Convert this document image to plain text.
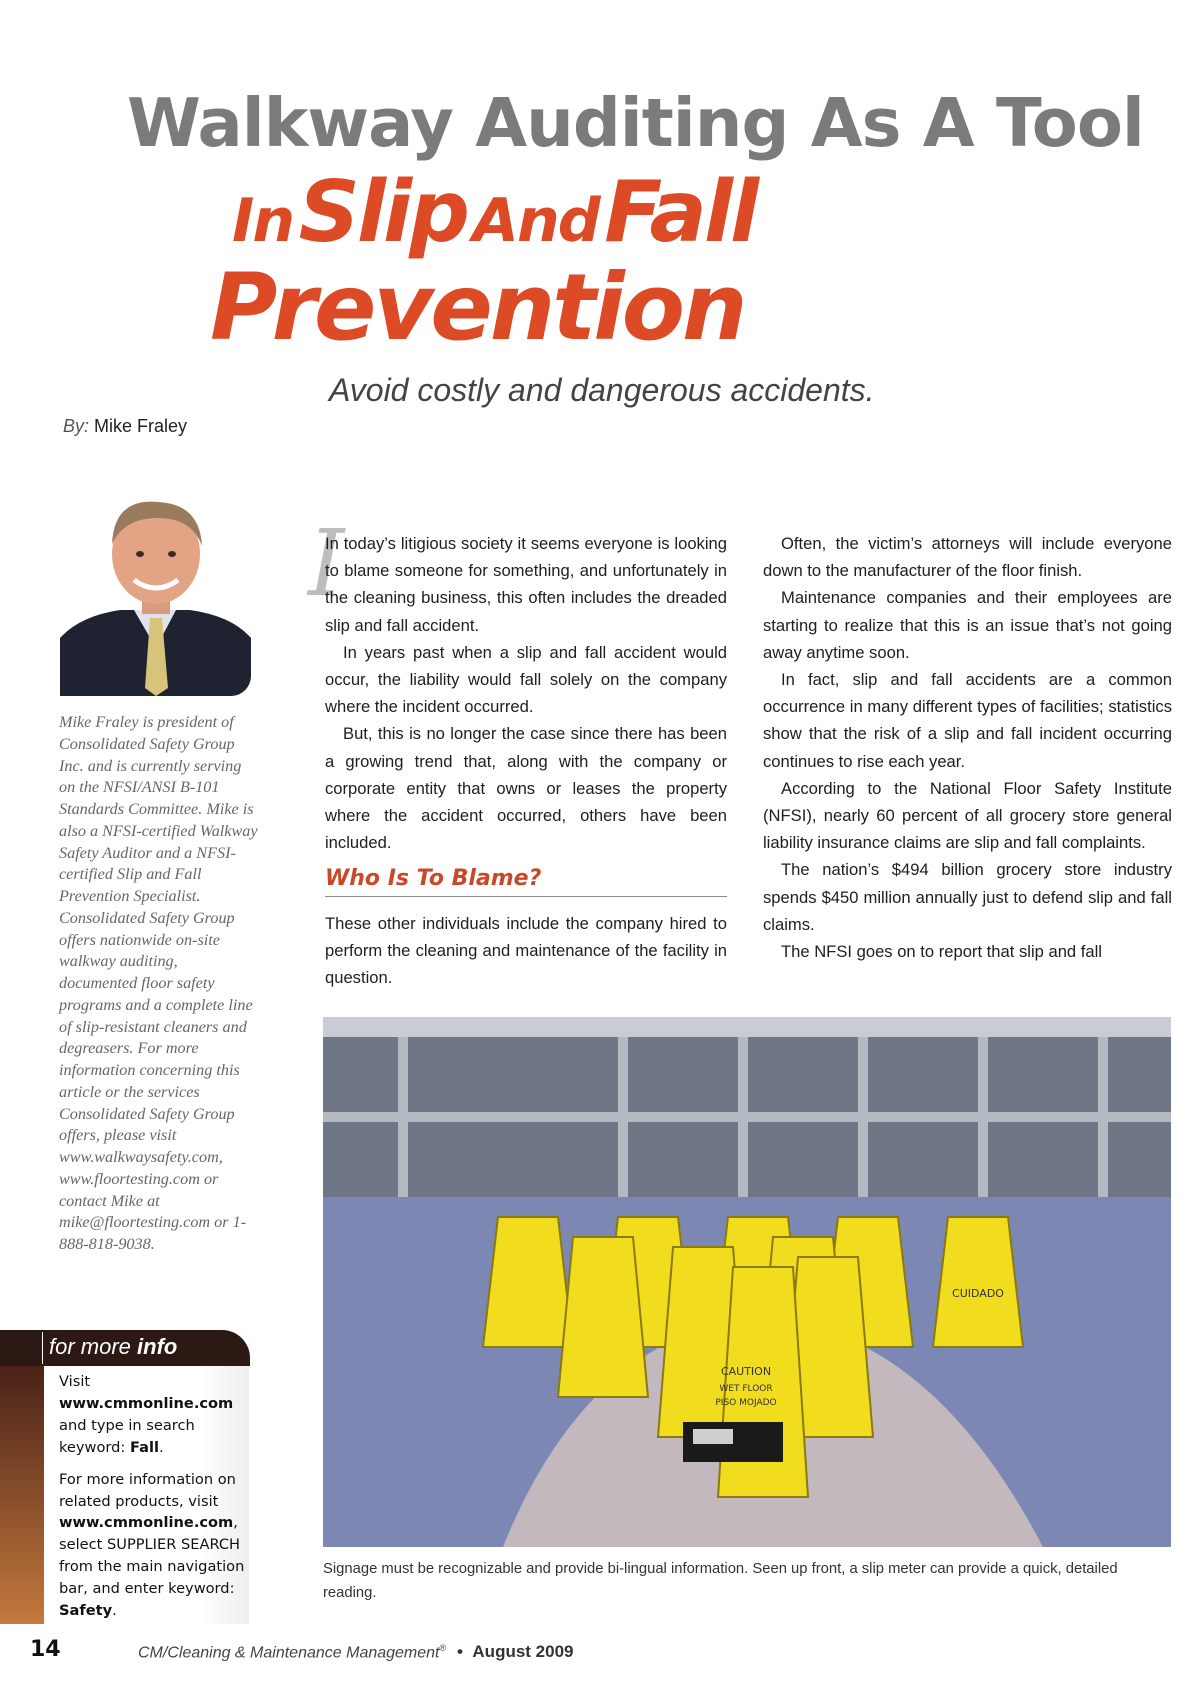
Walkway Auditing As A Tool
In Slip And Fall
Prevention
Avoid costly and dangerous accidents.
By: Mike Fraley
Mike Fraley is president of Consolidated Safety Group Inc. and is currently serving on the NFSI/ANSI B-101 Standards Committee. Mike is also a NFSI-certified Walkway Safety Auditor and a NFSI-certified Slip and Fall Prevention Specialist. Consolidated Safety Group offers nationwide on-site walkway auditing, documented floor safety programs and a complete line of slip-resistant cleaners and degreasers. For more information concerning this article or the services Consolidated Safety Group offers, please visit www.walkwaysafety.com, www.floortesting.com or contact Mike at mike@floortesting.com or 1-888-818-9038.
I

In today’s litigious society it seems everyone is looking to blame someone for something, and unfortunately in the cleaning business, this often includes the dreaded slip and fall accident.

In years past when a slip and fall accident would occur, the liability would fall solely on the company where the incident occurred.

But, this is no longer the case since there has been a growing trend that, along with the company or corporate entity that owns or leases the property where the accident occurred, others have been included.

Who Is To Blame?

These other individuals include the company hired to perform the cleaning and maintenance of the facility in question.

Often, the victim’s attorneys will include everyone down to the manufacturer of the floor finish.

Maintenance companies and their employees are starting to realize that this is an issue that’s not going away anytime soon.

In fact, slip and fall accidents are a common occurrence in many different types of facilities; statistics show that the risk of a slip and fall incident occurring continues to rise each year.

According to the National Floor Safety Institute (NFSI), nearly 60 percent of all grocery store general liability insurance claims are slip and fall complaints.

The nation’s $494 billion grocery store industry spends $450 million annually just to defend slip and fall claims.

The NFSI goes on to report that slip and fall

CAUTION
CUIDADO
WET FLOOR
PISO MOJADO
Signage must be recognizable and provide bi-lingual information. Seen up front, a slip meter can provide a quick, detailed reading.
for more info

Visit www.cmmonline.com and type in search keyword: Fall.

For more information on related products, visit www.cmmonline.com, select SUPPLIER SEARCH from the main navigation bar, and enter keyword: Safety.

14	CM/Cleaning & Maintenance Management® • August 2009
